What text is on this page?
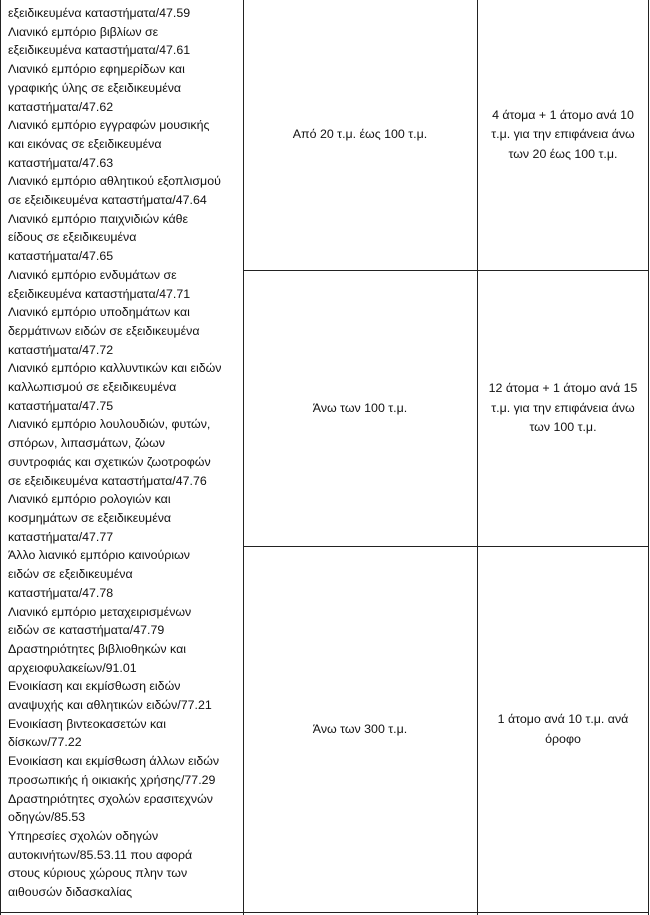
εξειδικευμένα καταστήματα/47.59
Λιανικό εμπόριο βιβλίων σε
εξειδικευμένα καταστήματα/47.61
Λιανικό εμπόριο εφημερίδων και
γραφικής ύλης σε εξειδικευμένα
καταστήματα/47.62
Λιανικό εμπόριο εγγραφών μουσικής
και εικόνας σε εξειδικευμένα
καταστήματα/47.63
Λιανικό εμπόριο αθλητικού εξοπλισμού
σε εξειδικευμένα καταστήματα/47.64
Λιανικό εμπόριο παιχνιδιών κάθε
είδους σε εξειδικευμένα
καταστήματα/47.65
Λιανικό εμπόριο ενδυμάτων σε
εξειδικευμένα καταστήματα/47.71
Λιανικό εμπόριο υποδημάτων και
δερμάτινων ειδών σε εξειδικευμένα
καταστήματα/47.72
Λιανικό εμπόριο καλλυντικών και ειδών
καλλωπισμού σε εξειδικευμένα
καταστήματα/47.75
Λιανικό εμπόριο λουλουδιών, φυτών,
σπόρων, λιπασμάτων, ζώων
συντροφιάς και σχετικών ζωοτροφών
σε εξειδικευμένα καταστήματα/47.76
Λιανικό εμπόριο ρολογιών και
κοσμημάτων σε εξειδικευμένα
καταστήματα/47.77
Άλλο λιανικό εμπόριο καινούριων
ειδών σε εξειδικευμένα
καταστήματα/47.78
Λιανικό εμπόριο μεταχειρισμένων
ειδών σε καταστήματα/47.79
Δραστηριότητες βιβλιοθηκών και
αρχειοφυλακείων/91.01
Ενοικίαση και εκμίσθωση ειδών
αναψυχής και αθλητικών ειδών/77.21
Ενοικίαση βιντεοκασετών και
δίσκων/77.22
Ενοικίαση και εκμίσθωση άλλων ειδών
προσωπικής ή οικιακής χρήσης/77.29
Δραστηριότητες σχολών ερασιτεχνών
οδηγών/85.53
Υπηρεσίες σχολών οδηγών
αυτοκινήτων/85.53.11 που αφορά
στους κύριους χώρους πλην των
αιθουσών διδασκαλίας
Από 20 τ.μ. έως 100 τ.μ.
4 άτομα + 1 άτομο ανά 10
τ.μ. για την επιφάνεια άνω
των 20 έως 100 τ.μ.
Άνω των 100 τ.μ.
12 άτομα + 1 άτομο ανά 15
τ.μ. για την επιφάνεια άνω
των 100 τ.μ.
Άνω των 300 τ.μ.
1 άτομο ανά 10 τ.μ. ανά
όροφο
